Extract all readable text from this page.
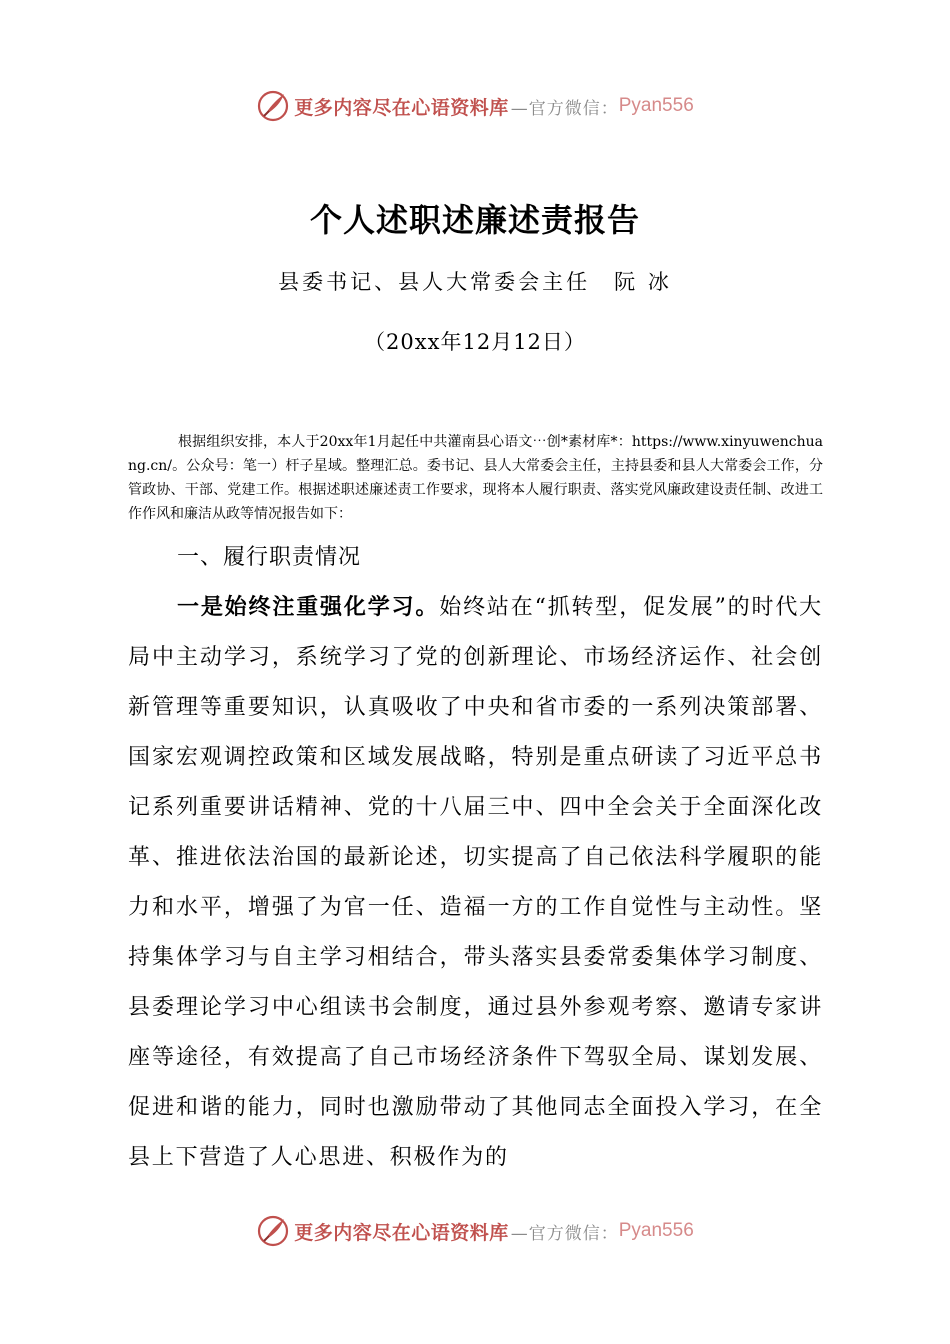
更多内容尽在心语资料库 —官方微信： Pyan556
个人述职述廉述责报告
县委书记、县人大常委会主任　阮 冰
（20xx年12月12日）

根据组织安排，本人于20xx年1月起任中共灌南县心语文⋯创*素材库*：https://www.xinyuwenchuang.cn/。公众号：笔一）杆子星域。整理汇总。委书记、县人大常委会主任，主持县委和县人大常委会工作，分管政协、干部、党建工作。根据述职述廉述责工作要求，现将本人履行职责、落实党风廉政建设责任制、改进工作作风和廉洁从政等情况报告如下：

一、履行职责情况

一是始终注重强化学习。始终站在“抓转型，促发展”的时代大局中主动学习，系统学习了党的创新理论、市场经济运作、社会创新管理等重要知识，认真吸收了中央和省市委的一系列决策部署、国家宏观调控政策和区域发展战略，特别是重点研读了习近平总书记系列重要讲话精神、党的十八届三中、四中全会关于全面深化改革、推进依法治国的最新论述，切实提高了自己依法科学履职的能力和水平，增强了为官一任、造福一方的工作自觉性与主动性。坚持集体学习与自主学习相结合，带头落实县委常委集体学习制度、县委理论学习中心组读书会制度，通过县外参观考察、邀请专家讲座等途径，有效提高了自己市场经济条件下驾驭全局、谋划发展、促进和谐的能力，同时也激励带动了其他同志全面投入学习，在全县上下营造了人心思进、积极作为的

更多内容尽在心语资料库 —官方微信： Pyan556
